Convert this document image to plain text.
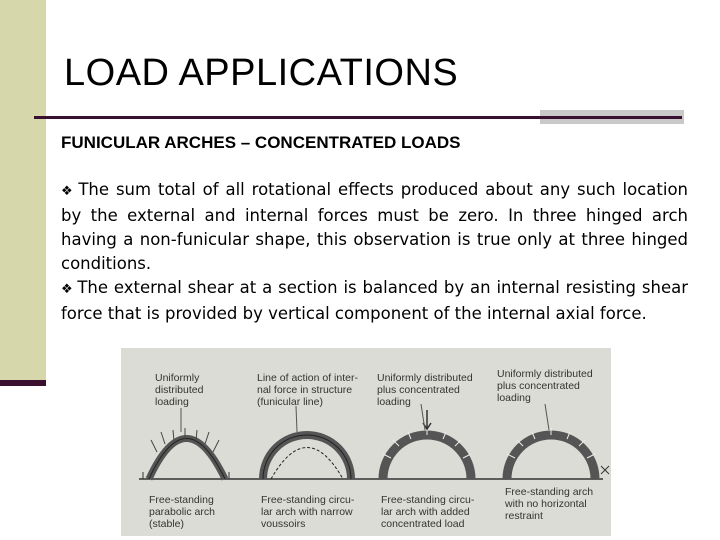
LOAD APPLICATIONS
FUNICULAR ARCHES – CONCENTRATED LOADS

❖ The sum total of all rotational effects produced about any such location by the external and internal forces must be zero. In three hinged arch having a non-funicular shape, this observation is true only at three hinged conditions.

❖ The external shear at a section is balanced by an internal resisting shear force that is provided by vertical component of the internal axial force.

Uniformly
distributed
loading
Line of action of inter-
nal force in structure
(funicular line)
Uniformly distributed
plus concentrated
loading
Uniformly distributed
plus concentrated
loading
Free-standing
parabolic arch
(stable)
Free-standing circu-
lar arch with narrow
voussoirs
Free-standing circu-
lar arch with added
concentrated load
Free-standing arch
with no horizontal
restraint
